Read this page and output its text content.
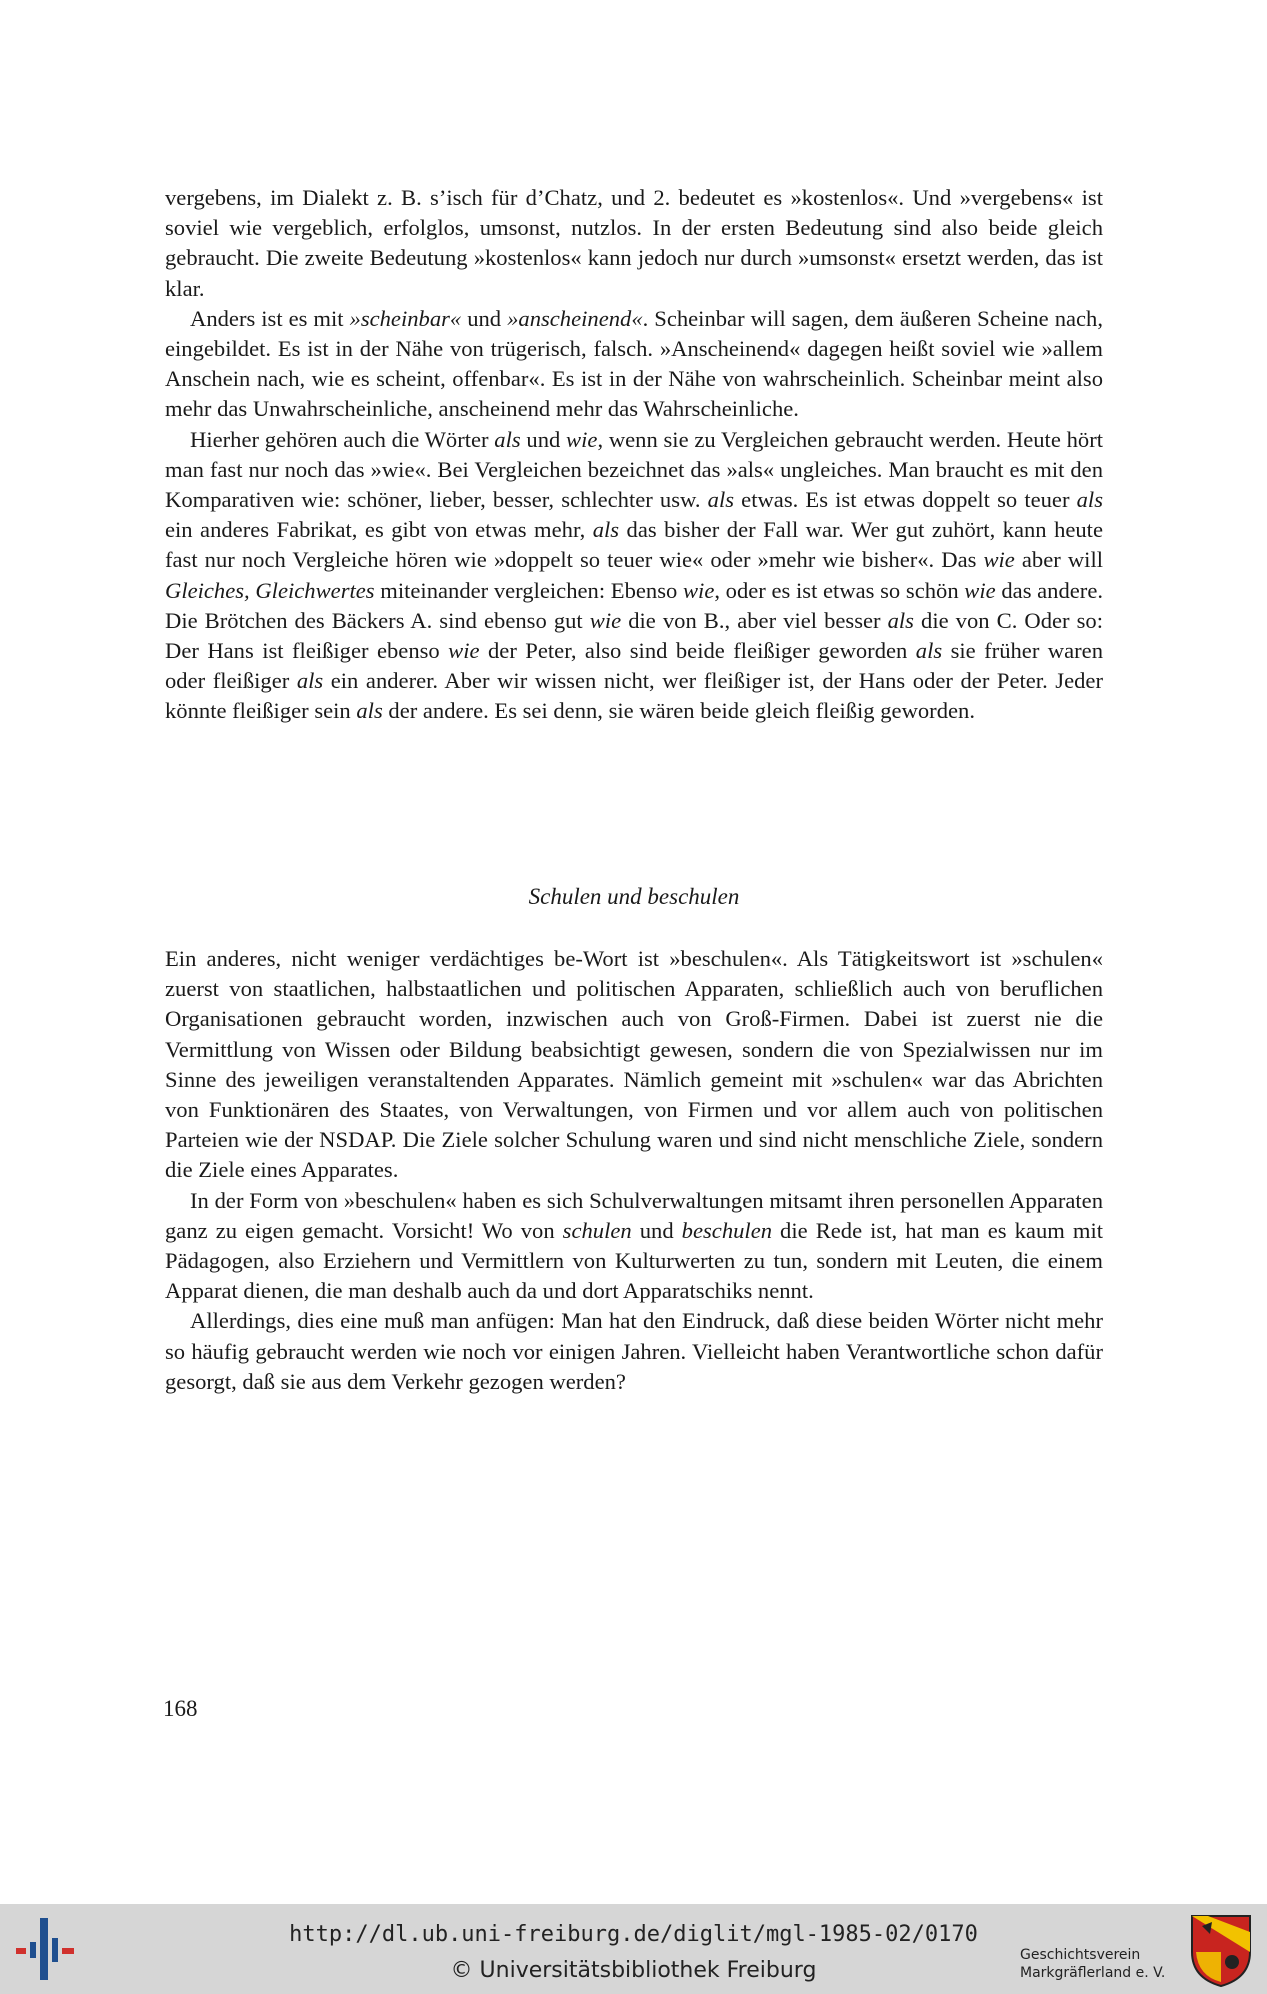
vergebens, im Dialekt z. B. s’isch für d’Chatz, und 2. bedeutet es »kostenlos«. Und »vergebens« ist soviel wie vergeblich, erfolglos, umsonst, nutzlos. In der ersten Bedeutung sind also beide gleich gebraucht. Die zweite Bedeutung »kostenlos« kann jedoch nur durch »umsonst« ersetzt werden, das ist klar.

Anders ist es mit »scheinbar« und »anscheinend«. Scheinbar will sagen, dem äußeren Scheine nach, eingebildet. Es ist in der Nähe von trügerisch, falsch. »Anscheinend« dagegen heißt soviel wie »allem Anschein nach, wie es scheint, offenbar«. Es ist in der Nähe von wahrscheinlich. Scheinbar meint also mehr das Unwahrscheinliche, anscheinend mehr das Wahrscheinliche.

Hierher gehören auch die Wörter als und wie, wenn sie zu Vergleichen gebraucht werden. Heute hört man fast nur noch das »wie«. Bei Vergleichen bezeichnet das »als« ungleiches. Man braucht es mit den Komparativen wie: schöner, lieber, besser, schlechter usw. als etwas. Es ist etwas doppelt so teuer als ein anderes Fabrikat, es gibt von etwas mehr, als das bisher der Fall war. Wer gut zuhört, kann heute fast nur noch Vergleiche hören wie »doppelt so teuer wie« oder »mehr wie bisher«. Das wie aber will Gleiches, Gleichwertes miteinander vergleichen: Ebenso wie, oder es ist etwas so schön wie das andere. Die Brötchen des Bäckers A. sind ebenso gut wie die von B., aber viel besser als die von C. Oder so: Der Hans ist fleißiger ebenso wie der Peter, also sind beide fleißiger geworden als sie früher waren oder fleißiger als ein anderer. Aber wir wissen nicht, wer fleißiger ist, der Hans oder der Peter. Jeder könnte fleißiger sein als der andere. Es sei denn, sie wären beide gleich fleißig geworden.

Schulen und beschulen

Ein anderes, nicht weniger verdächtiges be-Wort ist »beschulen«. Als Tätigkeitswort ist »schulen« zuerst von staatlichen, halbstaatlichen und politischen Apparaten, schließlich auch von beruflichen Organisationen gebraucht worden, inzwischen auch von Groß-Firmen. Dabei ist zuerst nie die Vermittlung von Wissen oder Bildung beabsichtigt gewesen, sondern die von Spezialwissen nur im Sinne des jeweiligen veranstaltenden Apparates. Nämlich gemeint mit »schulen« war das Abrichten von Funktionären des Staates, von Verwaltungen, von Firmen und vor allem auch von politischen Parteien wie der NSDAP. Die Ziele solcher Schulung waren und sind nicht menschliche Ziele, sondern die Ziele eines Apparates.

In der Form von »beschulen« haben es sich Schulverwaltungen mitsamt ihren personellen Apparaten ganz zu eigen gemacht. Vorsicht! Wo von schulen und beschulen die Rede ist, hat man es kaum mit Pädagogen, also Erziehern und Vermittlern von Kulturwerten zu tun, sondern mit Leuten, die einem Apparat dienen, die man deshalb auch da und dort Apparatschiks nennt.

Allerdings, dies eine muß man anfügen: Man hat den Eindruck, daß diese beiden Wörter nicht mehr so häufig gebraucht werden wie noch vor einigen Jahren. Vielleicht haben Verantwortliche schon dafür gesorgt, daß sie aus dem Verkehr gezogen werden?

168
http://dl.ub.uni-freiburg.de/diglit/mgl-1985-02/0170
© Universitätsbibliothek Freiburg
Geschichtsverein
Markgräflerland e. V.
